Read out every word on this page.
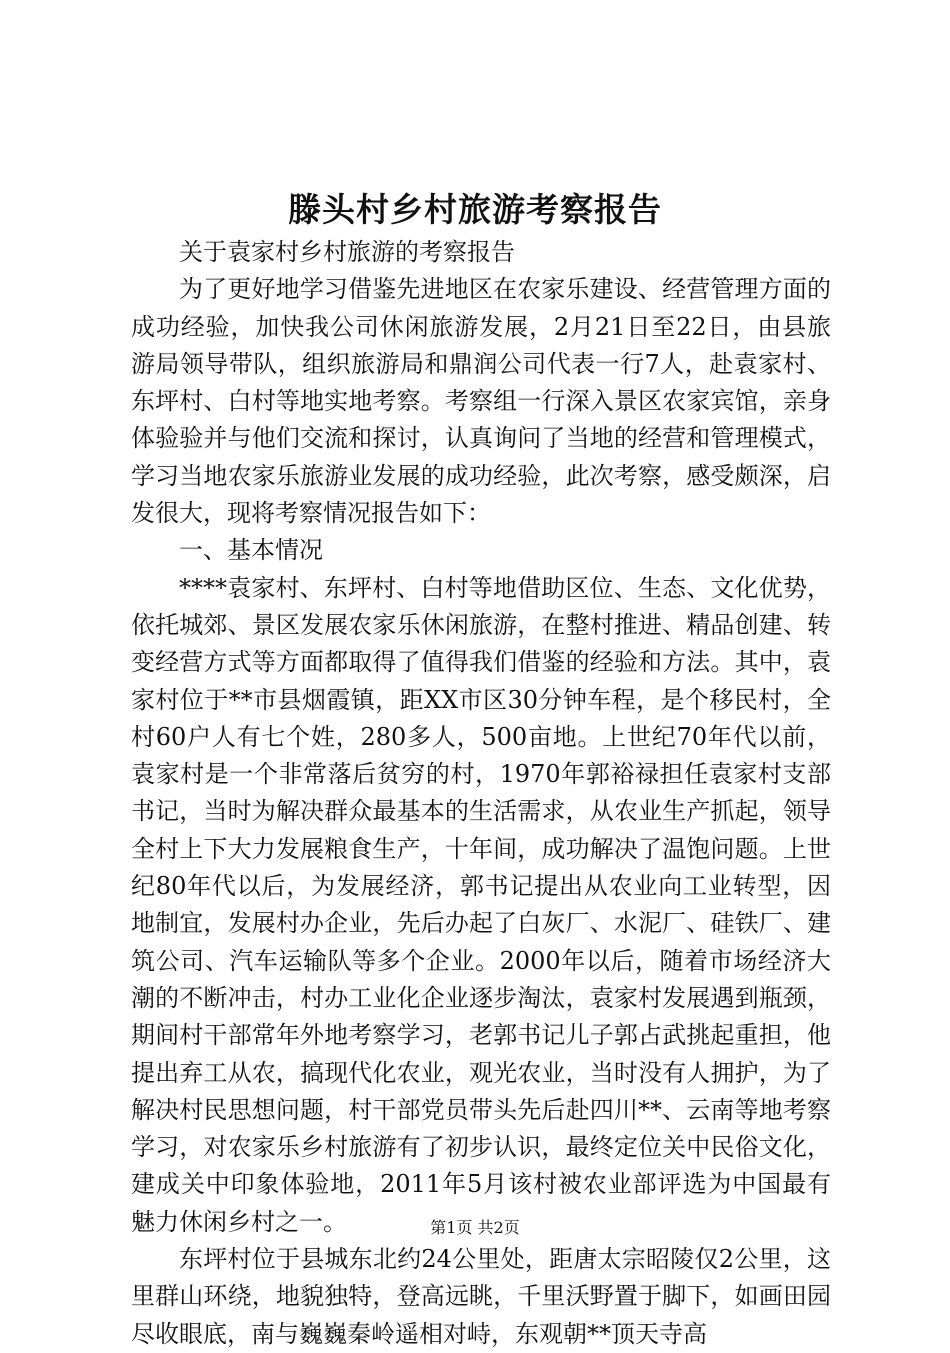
滕头村乡村旅游考察报告

关于袁家村乡村旅游的考察报告

为了更好地学习借鉴先进地区在农家乐建设、经营管理方面的成功经验，加快我公司休闲旅游发展，2月21日至22日，由县旅游局领导带队，组织旅游局和鼎润公司代表一行7人，赴袁家村、东坪村、白村等地实地考察。考察组一行深入景区农家宾馆，亲身体验验并与他们交流和探讨，认真询问了当地的经营和管理模式，学习当地农家乐旅游业发展的成功经验，此次考察，感受颇深，启发很大，现将考察情况报告如下：

一、基本情况

****袁家村、东坪村、白村等地借助区位、生态、文化优势，依托城郊、景区发展农家乐休闲旅游，在整村推进、精品创建、转变经营方式等方面都取得了值得我们借鉴的经验和方法。其中，袁家村位于**市县烟霞镇，距XX市区30分钟车程，是个移民村，全村60户人有七个姓，280多人，500亩地。上世纪70年代以前，袁家村是一个非常落后贫穷的村，1970年郭裕禄担任袁家村支部书记，当时为解决群众最基本的生活需求，从农业生产抓起，领导全村上下大力发展粮食生产，十年间，成功解决了温饱问题。上世纪80年代以后，为发展经济，郭书记提出从农业向工业转型，因地制宜，发展村办企业，先后办起了白灰厂、水泥厂、硅铁厂、建筑公司、汽车运输队等多个企业。2000年以后，随着市场经济大潮的不断冲击，村办工业化企业逐步淘汰，袁家村发展遇到瓶颈，期间村干部常年外地考察学习，老郭书记儿子郭占武挑起重担，他提出弃工从农，搞现代化农业，观光农业，当时没有人拥护，为了解决村民思想问题，村干部党员带头先后赴四川**、云南等地考察学习，对农家乐乡村旅游有了初步认识，最终定位关中民俗文化，建成关中印象体验地，2011年5月该村被农业部评选为中国最有魅力休闲乡村之一。

东坪村位于县城东北约24公里处，距唐太宗昭陵仅2公里，这里群山环绕，地貌独特，登高远眺，千里沃野置于脚下，如画田园尽收眼底，南与巍巍秦岭遥相对峙，东观朝**顶天寺高

第1页 共2页
